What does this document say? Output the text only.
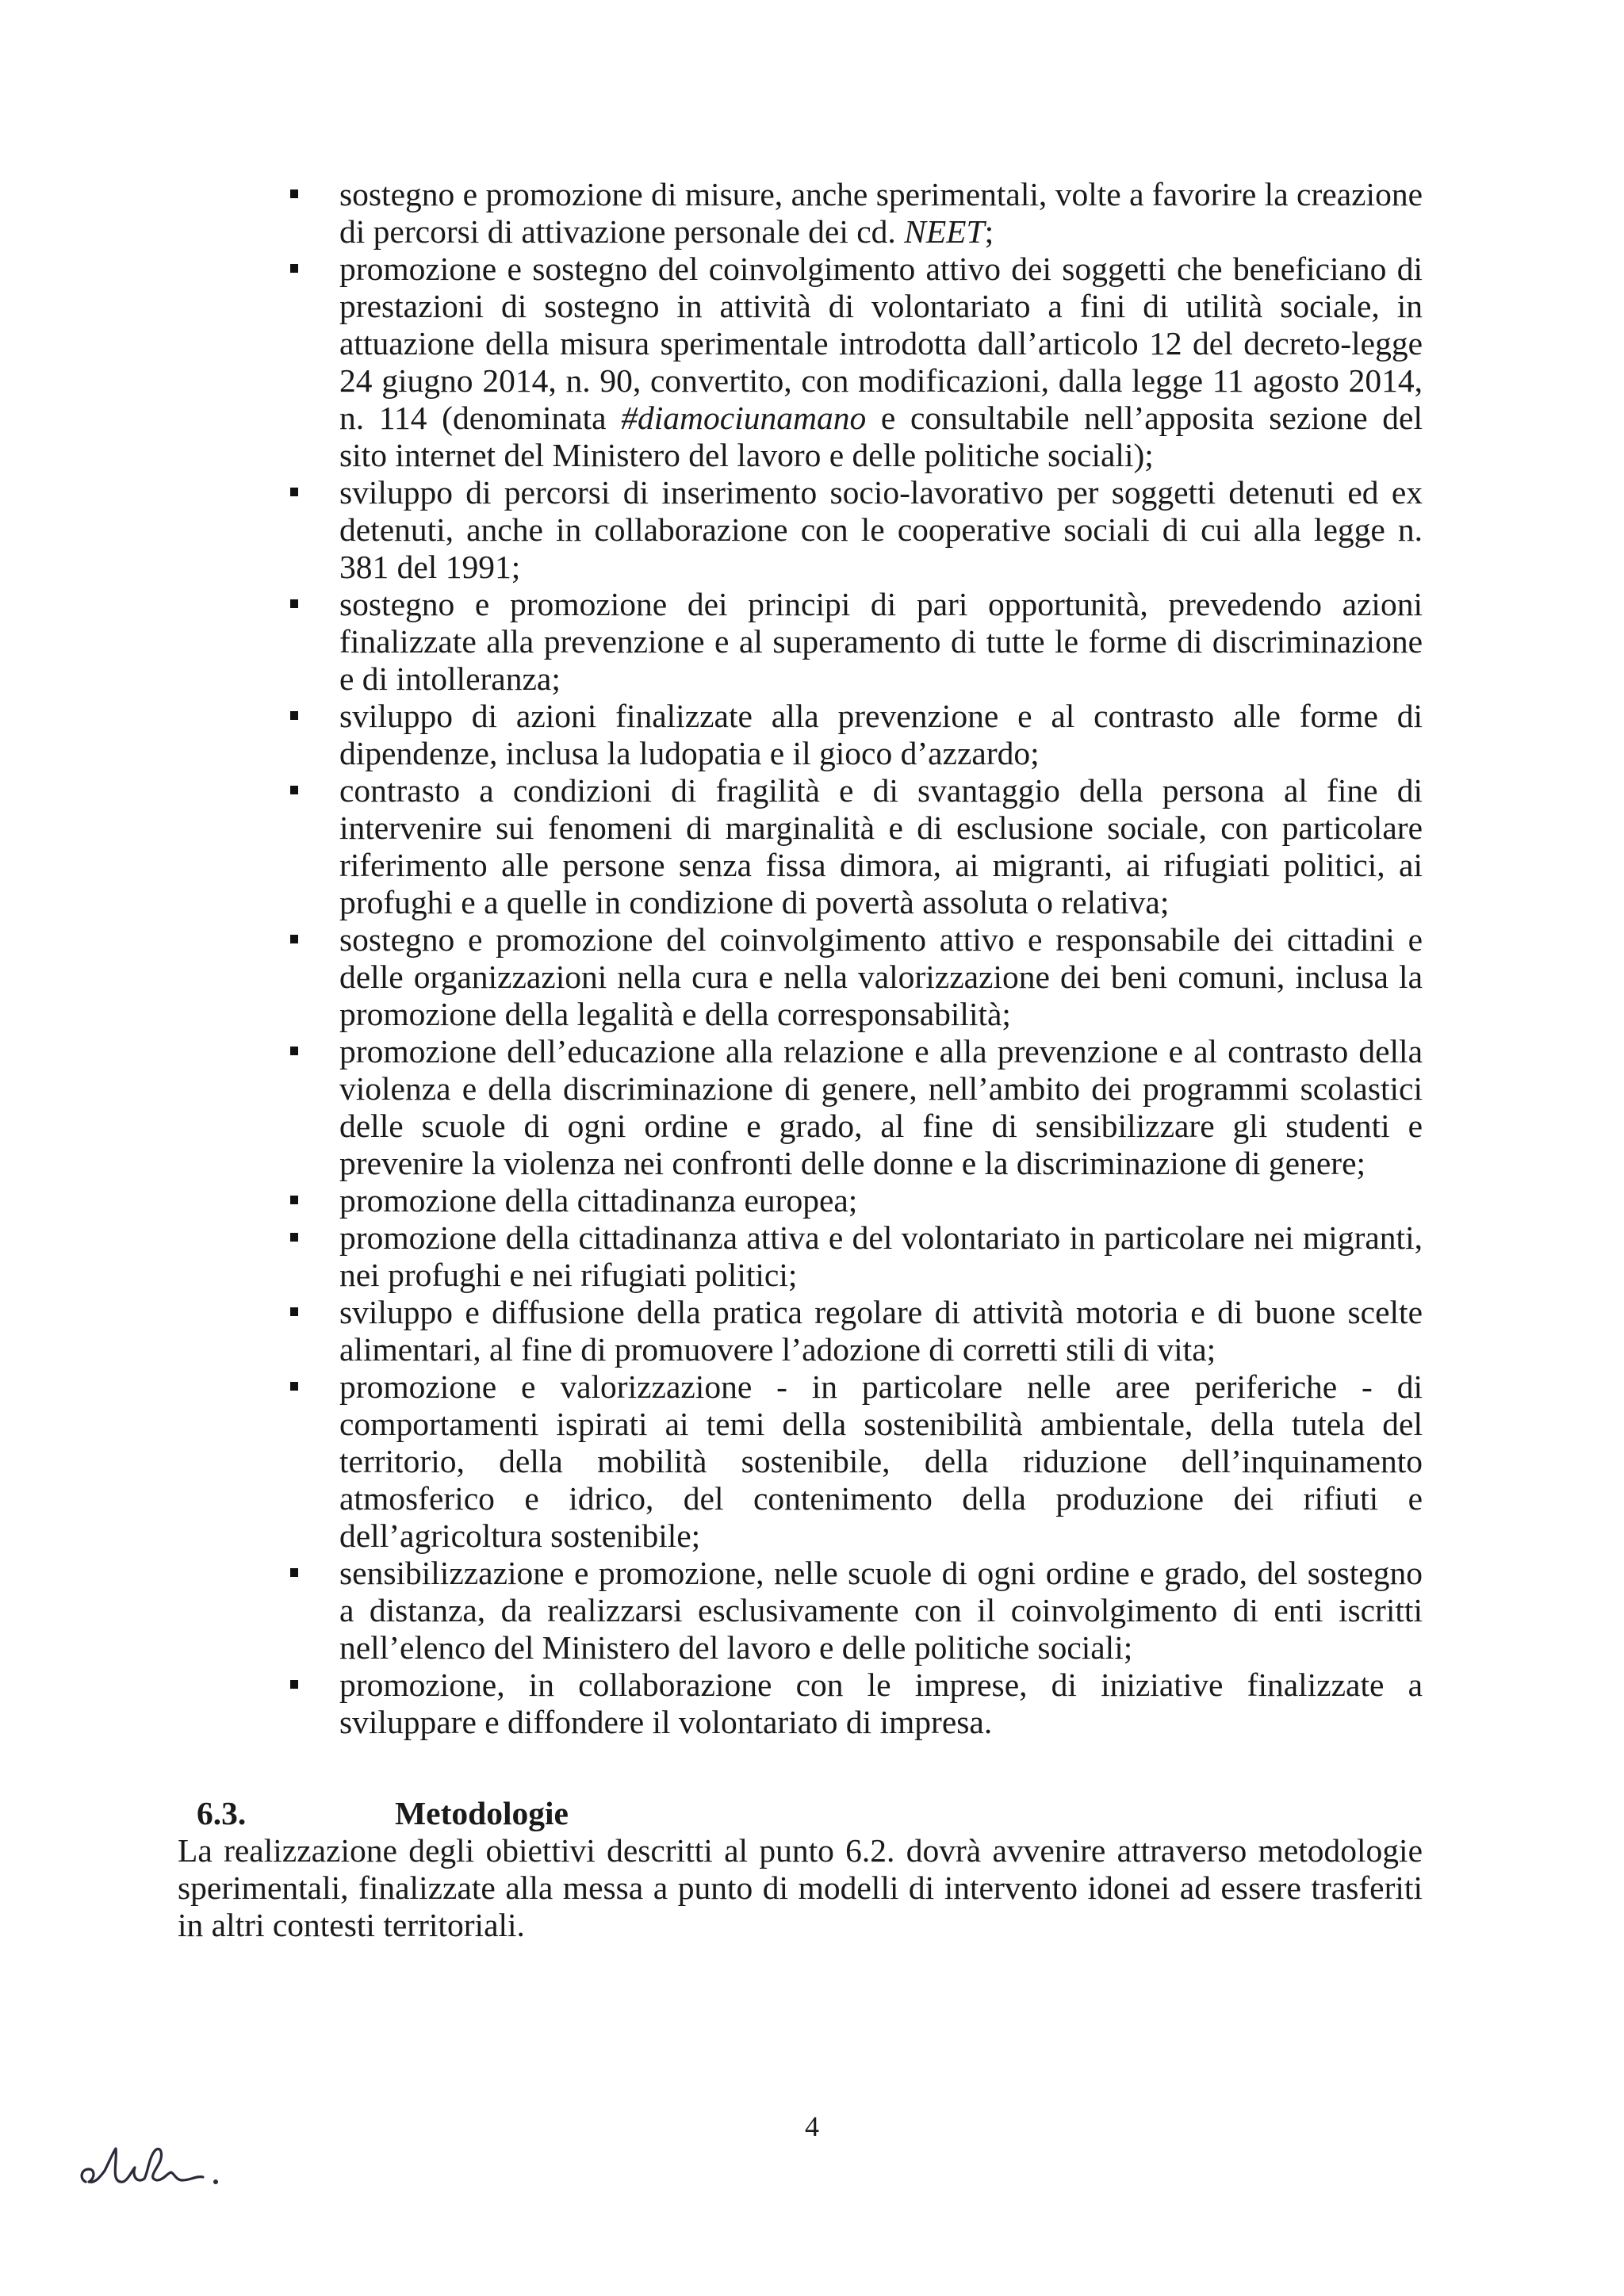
sostegno e promozione di misure, anche sperimentali, volte a favorire la creazione di percorsi di attivazione personale dei cd. NEET;
promozione e sostegno del coinvolgimento attivo dei soggetti che beneficiano di prestazioni di sostegno in attività di volontariato a fini di utilità sociale, in attuazione della misura sperimentale introdotta dall’articolo 12 del decreto-legge 24 giugno 2014, n. 90, convertito, con modificazioni, dalla legge 11 agosto 2014, n. 114 (denominata #diamociunamano e consultabile nell’apposita sezione del sito internet del Ministero del lavoro e delle politiche sociali);
sviluppo di percorsi di inserimento socio-lavorativo per soggetti detenuti ed ex detenuti, anche in collaborazione con le cooperative sociali di cui alla legge n. 381 del 1991;
sostegno e promozione dei principi di pari opportunità, prevedendo azioni finalizzate alla prevenzione e al superamento di tutte le forme di discriminazione e di intolleranza;
sviluppo di azioni finalizzate alla prevenzione e al contrasto alle forme di dipendenze, inclusa la ludopatia e il gioco d’azzardo;
contrasto a condizioni di fragilità e di svantaggio della persona al fine di intervenire sui fenomeni di marginalità e di esclusione sociale, con particolare riferimento alle persone senza fissa dimora, ai migranti, ai rifugiati politici, ai profughi e a quelle in condizione di povertà assoluta o relativa;
sostegno e promozione del coinvolgimento attivo e responsabile dei cittadini e delle organizzazioni nella cura e nella valorizzazione dei beni comuni, inclusa la promozione della legalità e della corresponsabilità;
promozione dell’educazione alla relazione e alla prevenzione e al contrasto della violenza e della discriminazione di genere, nell’ambito dei programmi scolastici delle scuole di ogni ordine e grado, al fine di sensibilizzare gli studenti e prevenire la violenza nei confronti delle donne e la discriminazione di genere;
promozione della cittadinanza europea;
promozione della cittadinanza attiva e del volontariato in particolare nei migranti, nei profughi e nei rifugiati politici;
sviluppo e diffusione della pratica regolare di attività motoria e di buone scelte alimentari, al fine di promuovere l’adozione di corretti stili di vita;
promozione e valorizzazione - in particolare nelle aree periferiche - di comportamenti ispirati ai temi della sostenibilità ambientale, della tutela del territorio, della mobilità sostenibile, della riduzione dell’inquinamento atmosferico e idrico, del contenimento della produzione dei rifiuti e dell’agricoltura sostenibile;
sensibilizzazione e promozione, nelle scuole di ogni ordine e grado, del sostegno a distanza, da realizzarsi esclusivamente con il coinvolgimento di enti iscritti nell’elenco del Ministero del lavoro e delle politiche sociali;
promozione, in collaborazione con le imprese, di iniziative finalizzate a sviluppare e diffondere il volontariato di impresa.
6.3.	Metodologie

La realizzazione degli obiettivi descritti al punto 6.2. dovrà avvenire attraverso metodologie sperimentali, finalizzate alla messa a punto di modelli di intervento idonei ad essere trasferiti in altri contesti territoriali.

4
